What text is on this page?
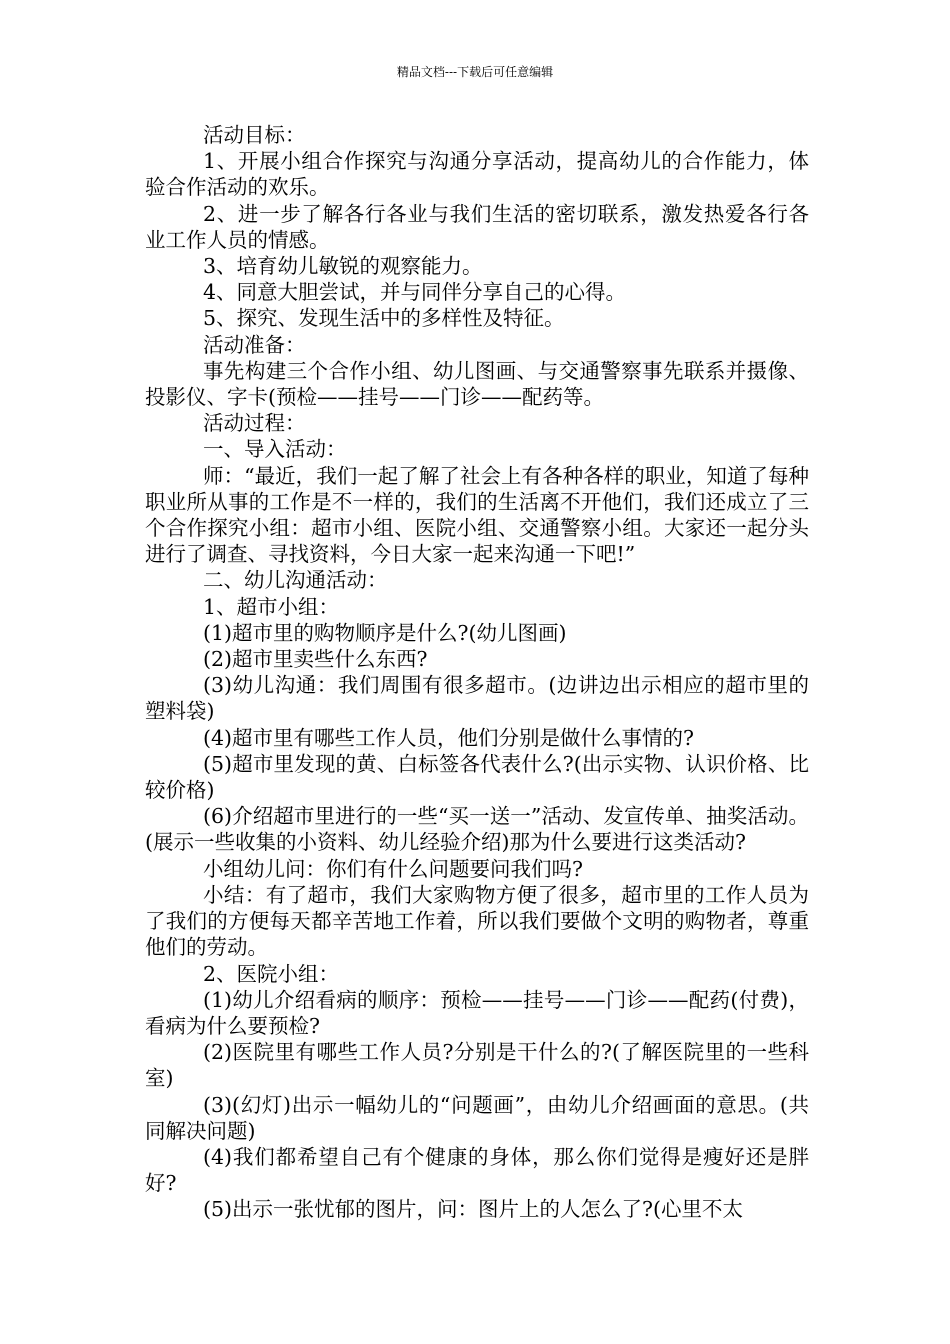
精品文档---下载后可任意编辑

活动目标：

1、开展小组合作探究与沟通分享活动，提高幼儿的合作能力，体验合作活动的欢乐。

2、进一步了解各行各业与我们生活的密切联系，激发热爱各行各业工作人员的情感。

3、培育幼儿敏锐的观察能力。

4、同意大胆尝试，并与同伴分享自己的心得。

5、探究、发现生活中的多样性及特征。

活动准备：

事先构建三个合作小组、幼儿图画、与交通警察事先联系并摄像、投影仪、字卡(预检——挂号——门诊——配药等。

活动过程：

一、导入活动：

师：“最近，我们一起了解了社会上有各种各样的职业，知道了每种职业所从事的工作是不一样的，我们的生活离不开他们，我们还成立了三个合作探究小组：超市小组、医院小组、交通警察小组。大家还一起分头进行了调查、寻找资料，今日大家一起来沟通一下吧!”

二、幼儿沟通活动：

1、超市小组：

(1)超市里的购物顺序是什么?(幼儿图画)

(2)超市里卖些什么东西?

(3)幼儿沟通：我们周围有很多超市。(边讲边出示相应的超市里的塑料袋)

(4)超市里有哪些工作人员，他们分别是做什么事情的?

(5)超市里发现的黄、白标签各代表什么?(出示实物、认识价格、比较价格)

(6)介绍超市里进行的一些“买一送一”活动、发宣传单、抽奖活动。(展示一些收集的小资料、幼儿经验介绍)那为什么要进行这类活动?

小组幼儿问：你们有什么问题要问我们吗?

小结：有了超市，我们大家购物方便了很多，超市里的工作人员为了我们的方便每天都辛苦地工作着，所以我们要做个文明的购物者，尊重他们的劳动。

2、医院小组：

(1)幼儿介绍看病的顺序：预检——挂号——门诊——配药(付费)，看病为什么要预检?

(2)医院里有哪些工作人员?分别是干什么的?(了解医院里的一些科室)

(3)(幻灯)出示一幅幼儿的“问题画”，由幼儿介绍画面的意思。(共同解决问题)

(4)我们都希望自己有个健康的身体，那么你们觉得是瘦好还是胖好?

(5)出示一张忧郁的图片，问：图片上的人怎么了?(心里不太
